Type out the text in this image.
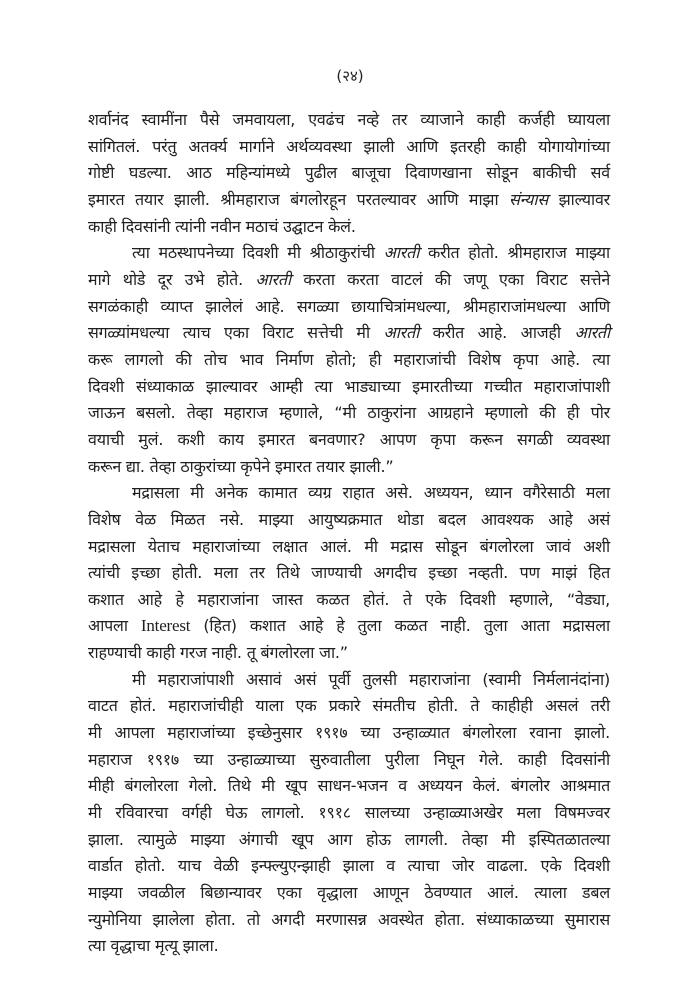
(२४)
शर्वानंद स्वामींना पैसे जमवायला, एवढंच नव्हे तर व्याजाने काही कर्जही घ्यायला
सांगितलं. परंतु अतर्क्य मार्गाने अर्थव्यवस्था झाली आणि इतरही काही योगायोगांच्या
गोष्टी घडल्या. आठ महिन्यांमध्ये पुढील बाजूचा दिवाणखाना सोडून बाकीची सर्व
इमारत तयार झाली. श्रीमहाराज बंगलोरहून परतल्यावर आणि माझा संन्यास झाल्यावर
काही दिवसांनी त्यांनी नवीन मठाचं उद्घाटन केलं.
त्या मठस्थापनेच्या दिवशी मी श्रीठाकुरांची आरती करीत होतो. श्रीमहाराज माझ्या
मागे थोडे दूर उभे होते. आरती करता करता वाटलं की जणू एका विराट सत्तेने
सगळंकाही व्याप्त झालेलं आहे. सगळ्या छायाचित्रांमधल्या, श्रीमहाराजांमधल्या आणि
सगळ्यांमधल्या त्याच एका विराट सत्तेची मी आरती करीत आहे. आजही आरती
करू लागलो की तोच भाव निर्माण होतो; ही महाराजांची विशेष कृपा आहे. त्या
दिवशी संध्याकाळ झाल्यावर आम्ही त्या भाड्याच्या इमारतीच्या गच्चीत महाराजांपाशी
जाऊन बसलो. तेव्हा महाराज म्हणाले, “मी ठाकुरांना आग्रहाने म्हणालो की ही पोर
वयाची मुलं. कशी काय इमारत बनवणार? आपण कृपा करून सगळी व्यवस्था
करून द्या. तेव्हा ठाकुरांच्या कृपेने इमारत तयार झाली.”
मद्रासला मी अनेक कामात व्यग्र राहात असे. अध्ययन, ध्यान वगैरेसाठी मला
विशेष वेळ मिळत नसे. माझ्या आयुष्यक्रमात थोडा बदल आवश्यक आहे असं
मद्रासला येताच महाराजांच्या लक्षात आलं. मी मद्रास सोडून बंगलोरला जावं अशी
त्यांची इच्छा होती. मला तर तिथे जाण्याची अगदीच इच्छा नव्हती. पण माझं हित
कशात आहे हे महाराजांना जास्त कळत होतं. ते एके दिवशी म्हणाले, “वेड्या,
आपला Interest (हित) कशात आहे हे तुला कळत नाही. तुला आता मद्रासला
राहण्याची काही गरज नाही. तू बंगलोरला जा.”
मी महाराजांपाशी असावं असं पूर्वी तुलसी महाराजांना (स्वामी निर्मलानंदांना)
वाटत होतं. महाराजांचीही याला एक प्रकारे संमतीच होती. ते काहीही असलं तरी
मी आपला महाराजांच्या इच्छेनुसार १९१७ च्या उन्हाळ्यात बंगलोरला रवाना झालो.
महाराज १९१७ च्या उन्हाळ्याच्या सुरुवातीला पुरीला निघून गेले. काही दिवसांनी
मीही बंगलोरला गेलो. तिथे मी खूप साधन-भजन व अध्ययन केलं. बंगलोर आश्रमात
मी रविवारचा वर्गही घेऊ लागलो. १९१८ सालच्या उन्हाळ्याअखेर मला विषमज्वर
झाला. त्यामुळे माझ्या अंगाची खूप आग होऊ लागली. तेव्हा मी इस्पितळातल्या
वार्डात होतो. याच वेळी इन्फ्ल्युएन्झाही झाला व त्याचा जोर वाढला. एके दिवशी
माझ्या जवळील बिछान्यावर एका वृद्धाला आणून ठेवण्यात आलं. त्याला डबल
न्युमोनिया झालेला होता. तो अगदी मरणासन्न अवस्थेत होता. संध्याकाळच्या सुमारास
त्या वृद्धाचा मृत्यू झाला.
